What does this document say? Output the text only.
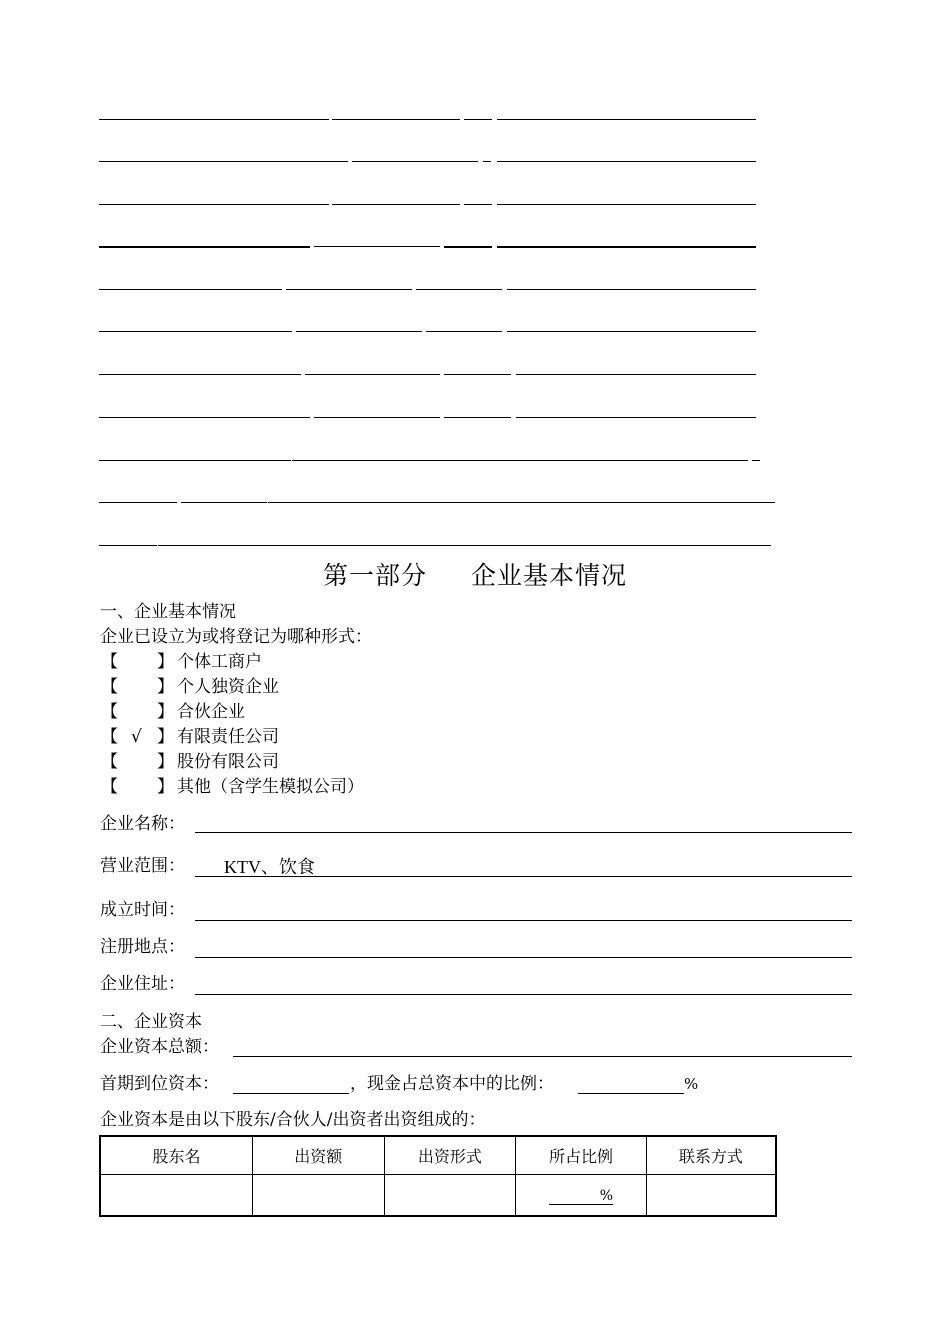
第一部分 企业基本情况
一、企业基本情况
企业已设立为或将登记为哪种形式：
【 】 个体工商户
【 】 个人独资企业
【 】 合伙企业
【 √ 】 有限责任公司
【 】 股份有限公司
【 】 其他（含学生模拟公司）
企业名称：
营业范围： KTV、饮食
成立时间：
注册地点：
企业住址：
二、企业资本
企业资本总额：
首期到位资本：	，现金占总资本中的比例：	%
企业资本是由以下股东/合伙人/出资者出资组成的：
股东名	出资额	出资形式	所占比例	联系方式
			%	
